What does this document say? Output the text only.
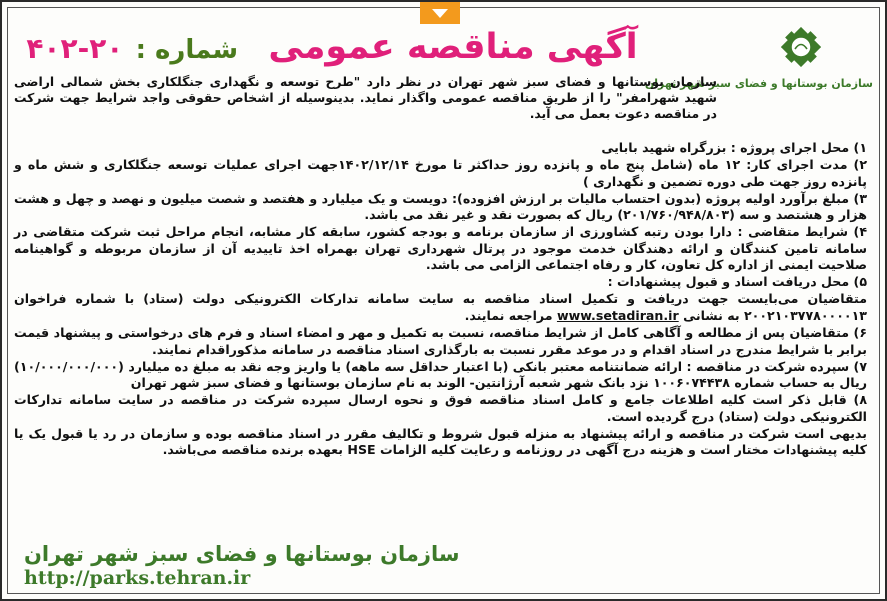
آگهی مناقصه عمومی شماره : ۲۰-۴۰۲
سازمان بوستانها و فضای سبز شهر تهران

سازمان بوستانها و فضای سبز شهر تهران در نظر دارد "طرح توسعه و نگهداری جنگلکاری بخش شمالی اراضی شهید شهرامفر" را از طریق مناقصه عمومی واگذار نماید. بدینوسیله از اشخاص حقوقی واجد شرایط جهت شرکت در مناقصه دعوت بعمل می آید.

۱) محل اجرای پروژه : بزرگراه شهید بابایی

۲) مدت اجرای کار: ۱۲ ماه (شامل پنج ماه و پانزده روز حداکثر تا مورخ ۱۴۰۲/۱۲/۱۴جهت اجرای عملیات توسعه جنگلکاری و شش ماه و پانزده روز جهت طی دوره تضمین و نگهداری )

۳) مبلغ برآورد اولیه پروژه (بدون احتساب مالیات بر ارزش افزوده): دویست و یک میلیارد و هفتصد و شصت میلیون و نهصد و چهل و هشت هزار و هشتصد و سه (۲۰۱/۷۶۰/۹۴۸/۸۰۳) ریال که بصورت نقد و غیر نقد می باشد.

۴) شرایط متقاضی : دارا بودن رتبه کشاورزی از سازمان برنامه و بودجه کشور، سابقه کار مشابه، انجام مراحل ثبت شرکت متقاضی در سامانه تامین کنندگان و ارائه دهندگان خدمت موجود در پرتال شهرداری تهران بهمراه اخذ تاییدیه آن از سازمان مربوطه و گواهینامه صلاحیت ایمنی از اداره کل تعاون، کار و رفاه اجتماعی الزامی می باشد.

۵) محل دریافت اسناد و قبول پیشنهادات :

متقاضیان می‌بایست جهت دریافت و تکمیل اسناد مناقصه به سایت سامانه تدارکات الکترونیکی دولت (ستاد) با شماره فراخوان ۲۰۰۲۱۰۳۷۷۸۰۰۰۰۱۳ به نشانی www.setadiran.ir مراجعه نمایند.

۶) متقاضیان پس از مطالعه و آگاهی کامل از شرایط مناقصه، نسبت به تکمیل و مهر و امضاء اسناد و فرم های درخواستی و پیشنهاد قیمت برابر با شرایط مندرج در اسناد اقدام و در موعد مقرر نسبت به بارگذاری اسناد مناقصه در سامانه مذکوراقدام نمایند.

۷) سپرده شرکت در مناقصه : ارائه ضمانتنامه معتبر بانکی (با اعتبار حداقل سه ماهه) یا واریز وجه نقد به مبلغ ده میلیارد (۱۰/۰۰۰/۰۰۰/۰۰۰) ریال به حساب شماره ۱۰۰۶۰۷۴۴۳۸ نزد بانک شهر شعبه آرژانتین- الوند به نام سازمان بوستانها و فضای سبز شهر تهران

۸) قابل ذکر است کلیه اطلاعات جامع و کامل اسناد مناقصه فوق و نحوه ارسال سپرده شرکت در مناقصه در سایت سامانه تدارکات الکترونیکی دولت (ستاد) درج گردیده است.

بدیهی است شرکت در مناقصه و ارائه پیشنهاد به منزله قبول شروط و تکالیف مقرر در اسناد مناقصه بوده و سازمان در رد یا قبول یک یا کلیه پیشنهادات مختار است و هزینه درج آگهی در روزنامه و رعایت کلیه الزامات HSE بعهده برنده مناقصه می‌باشد.

سازمان بوستانها و فضای سبز شهر تهران
http://parks.tehran.ir
